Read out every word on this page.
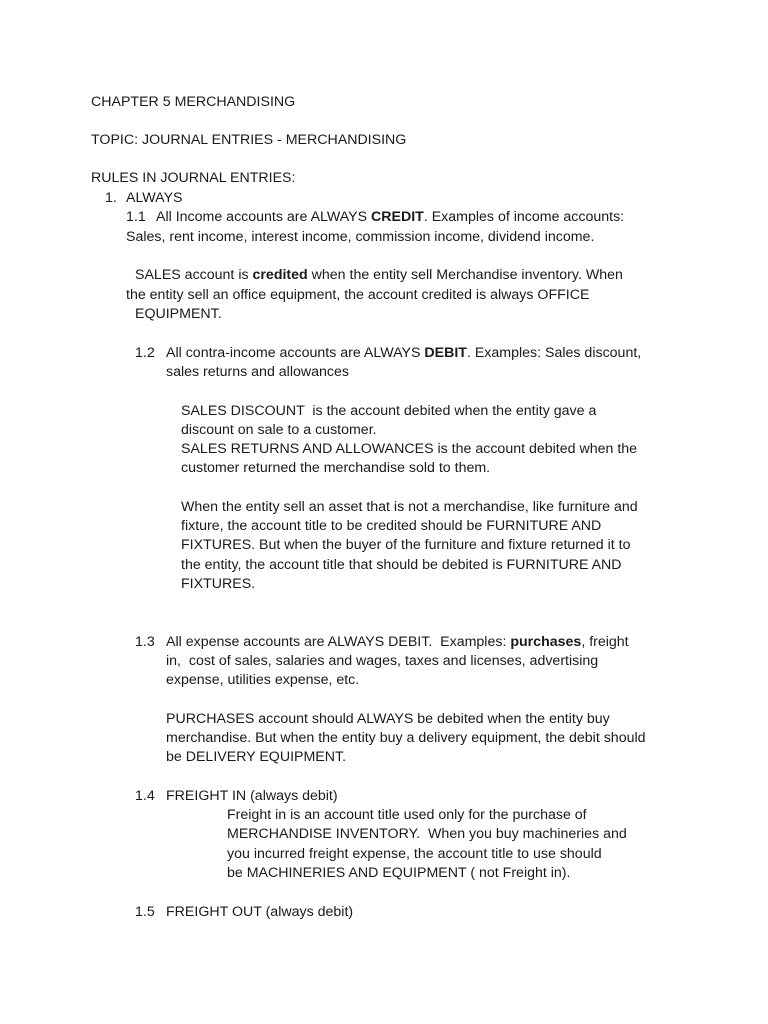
CHAPTER 5 MERCHANDISING

TOPIC: JOURNAL ENTRIES - MERCHANDISING

RULES IN JOURNAL ENTRIES:

1. ALWAYS

1.1 All Income accounts are ALWAYS CREDIT. Examples of income accounts:

Sales, rent income, interest income, commission income, dividend income.

SALES account is credited when the entity sell Merchandise inventory. When

the entity sell an office equipment, the account credited is always OFFICE

EQUIPMENT.

1.2 All contra-income accounts are ALWAYS DEBIT. Examples: Sales discount,

sales returns and allowances

SALES DISCOUNT  is the account debited when the entity gave a

discount on sale to a customer.

SALES RETURNS AND ALLOWANCES is the account debited when the

customer returned the merchandise sold to them.

When the entity sell an asset that is not a merchandise, like furniture and

fixture, the account title to be credited should be FURNITURE AND

FIXTURES. But when the buyer of the furniture and fixture returned it to

the entity, the account title that should be debited is FURNITURE AND

FIXTURES.

1.3 All expense accounts are ALWAYS DEBIT.  Examples: purchases, freight

in,  cost of sales, salaries and wages, taxes and licenses, advertising

expense, utilities expense, etc.

PURCHASES account should ALWAYS be debited when the entity buy

merchandise. But when the entity buy a delivery equipment, the debit should

be DELIVERY EQUIPMENT.

1.4 FREIGHT IN (always debit)

Freight in is an account title used only for the purchase of

MERCHANDISE INVENTORY.  When you buy machineries and

you incurred freight expense, the account title to use should

be MACHINERIES AND EQUIPMENT ( not Freight in).

1.5 FREIGHT OUT (always debit)
